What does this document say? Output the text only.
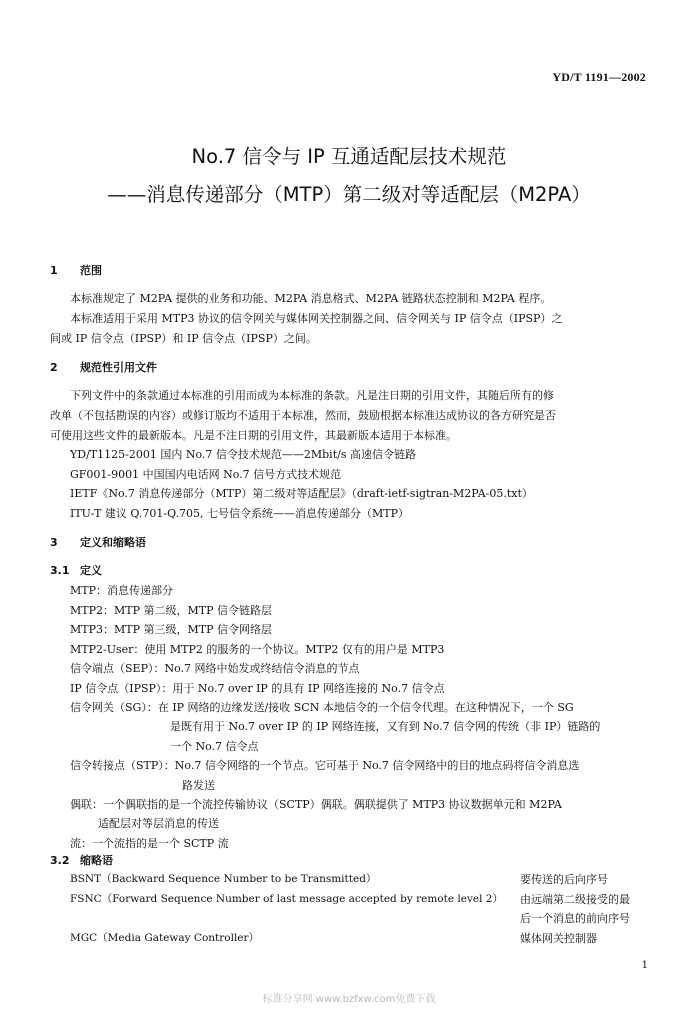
YD/T 1191—2002
No.7 信令与 IP 互通适配层技术规范
——消息传递部分（MTP）第二级对等适配层（M2PA）
1 范围
本标准规定了 M2PA 提供的业务和功能、M2PA 消息格式、M2PA 链路状态控制和 M2PA 程序。
本标准适用于采用 MTP3 协议的信令网关与媒体网关控制器之间、信令网关与 IP 信令点（IPSP）之
间或 IP 信令点（IPSP）和 IP 信令点（IPSP）之间。
2 规范性引用文件
下列文件中的条款通过本标准的引用而成为本标准的条款。凡是注日期的引用文件，其随后所有的修
改单（不包括勘误的内容）或修订版均不适用于本标准，然而，鼓励根据本标准达成协议的各方研究是否
可使用这些文件的最新版本。凡是不注日期的引用文件，其最新版本适用于本标准。
YD/T1125-2001 国内 No.7 信令技术规范——2Mbit/s 高速信令链路
GF001-9001 中国国内电话网 No.7 信号方式技术规范
IETF《No.7 消息传递部分（MTP）第二级对等适配层》（draft-ietf-sigtran-M2PA-05.txt）
ITU-T 建议 Q.701-Q.705, 七号信令系统——消息传递部分（MTP）
3 定义和缩略语
3.1 定义
MTP：消息传递部分
MTP2：MTP 第二级，MTP 信令链路层
MTP3：MTP 第三级，MTP 信令网络层
MTP2-User：使用 MTP2 的服务的一个协议。MTP2 仅有的用户是 MTP3
信令端点（SEP）：No.7 网络中始发或终结信令消息的节点
IP 信令点（IPSP）：用于 No.7 over IP 的具有 IP 网络连接的 No.7 信令点
信令网关（SG）：在 IP 网络的边缘发送/接收 SCN 本地信令的一个信令代理。在这种情况下，一个 SG
是既有用于 No.7 over IP 的 IP 网络连接，又有到 No.7 信令网的传统（非 IP）链路的
一个 No.7 信令点
信令转接点（STP）：No.7 信令网络的一个节点。它可基于 No.7 信令网络中的目的地点码将信令消息选
路发送
偶联：一个偶联指的是一个流控传输协议（SCTP）偶联。偶联提供了 MTP3 协议数据单元和 M2PA
适配层对等层消息的传送
流：一个流指的是一个 SCTP 流
3.2 缩略语
BSNT（Backward Sequence Number to be Transmitted）	要传送的后向序号
FSNC（Forward Sequence Number of last message accepted by remote level 2） 由远端第二级接受的最
后一个消息的前向序号
MGC（Media Gateway Controller）	媒体网关控制器
1
标准分享网 www.bzfxw.com免费下载
